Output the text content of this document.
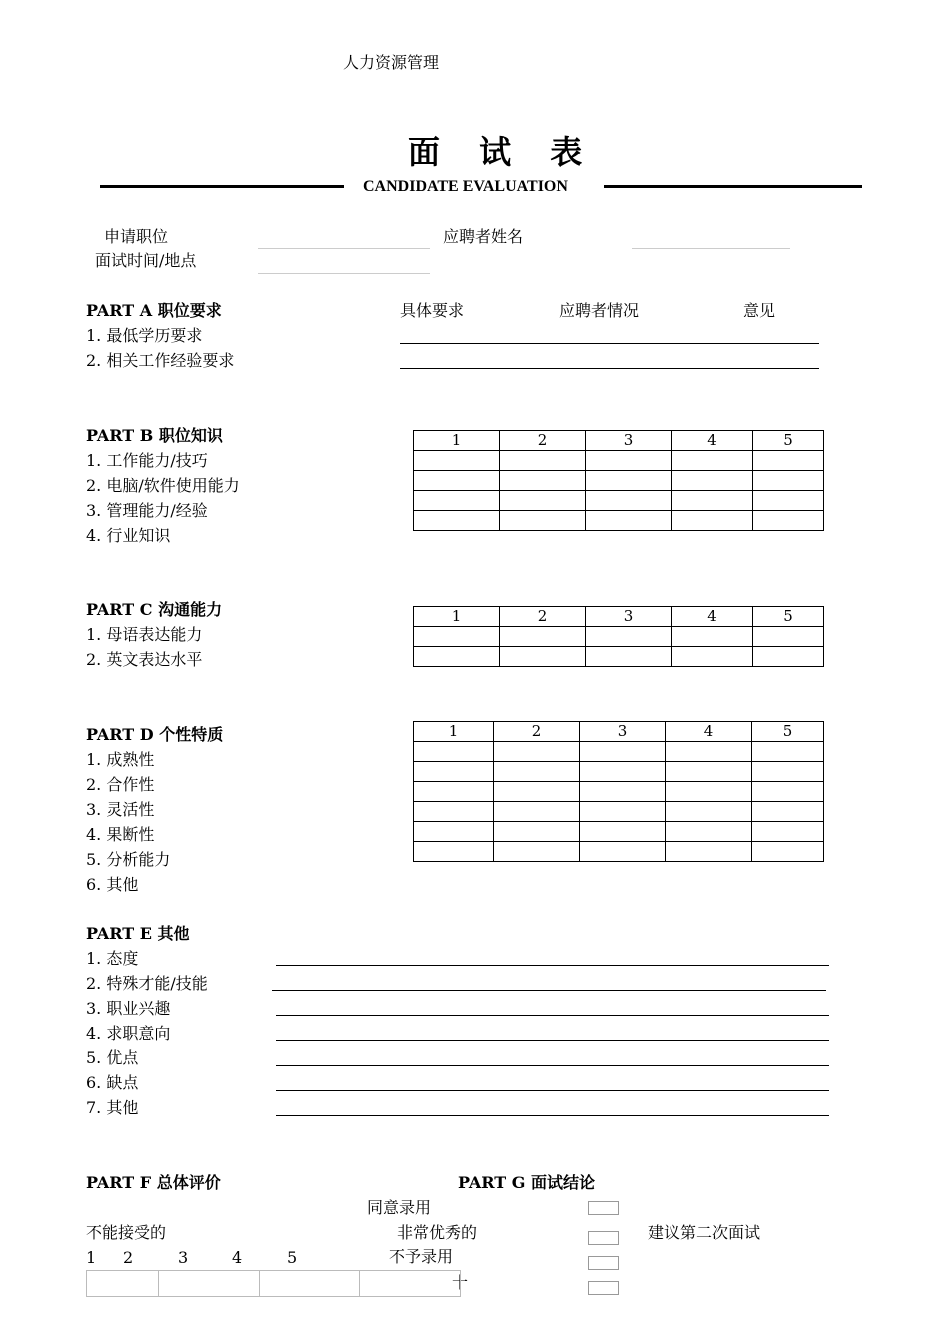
人力资源管理
面 试 表
CANDIDATE EVALUATION
申请职位	应聘者姓名
面试时间/地点
PART A 职位要求	具体要求	应聘者情况	意见
1. 最低学历要求
2. 相关工作经验要求
PART B 职位知识
1. 工作能力/技巧
2. 电脑/软件使用能力
3. 管理能力/经验
4. 行业知识
1	2	3	4	5

PART C 沟通能力
1. 母语表达能力
2. 英文表达水平
1	2	3	4	5

PART D 个性特质
1. 成熟性
2. 合作性
3. 灵活性
4. 果断性
5. 分析能力
6. 其他
1	2	3	4	5

PART E 其他
1. 态度
2. 特殊才能/技能
3. 职业兴趣
4. 求职意向
5. 优点
6. 缺点
7. 其他
PART F 总体评价
不能接受的	非常优秀的
1 2	3	4	5
十
PART G 面试结论
同意录用
建议第二次面试
不予录用
